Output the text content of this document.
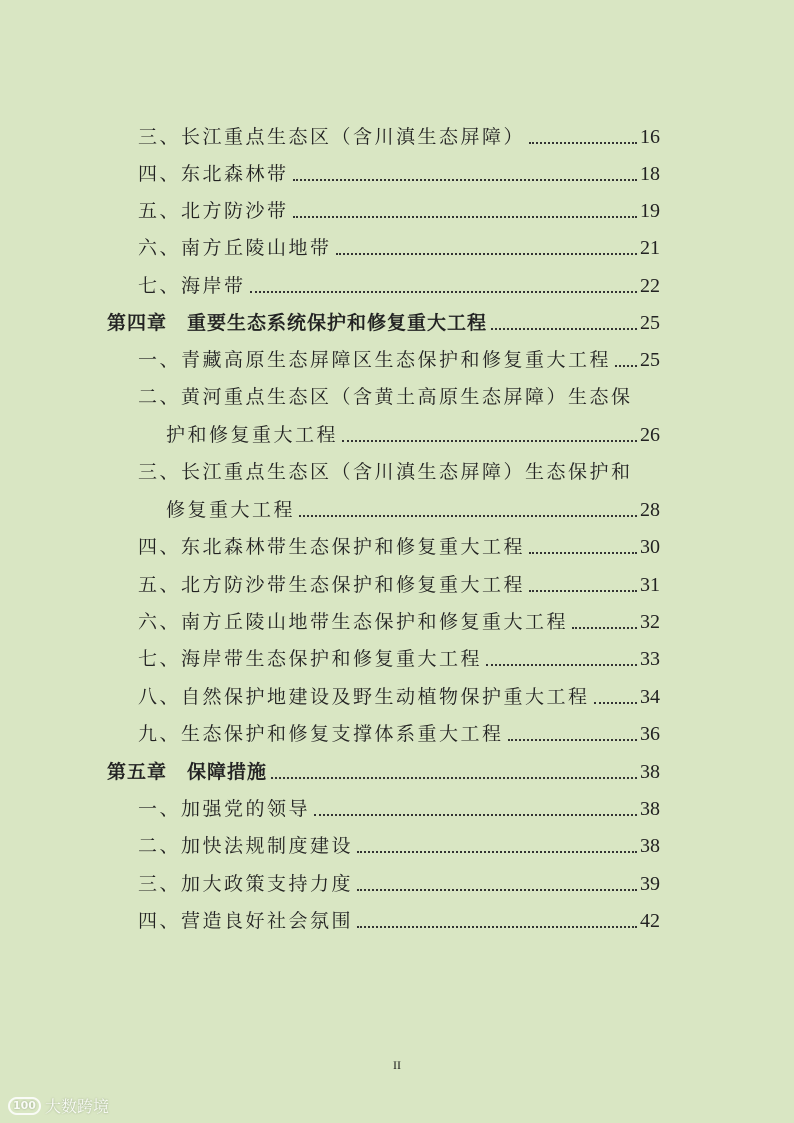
三、长江重点生态区（含川滇生态屏障）	16
四、东北森林带	18
五、北方防沙带	19
六、南方丘陵山地带	21
七、海岸带	22
第四章　重要生态系统保护和修复重大工程	25
一、青藏高原生态屏障区生态保护和修复重大工程 25
二、黄河重点生态区（含黄土高原生态屏障）生态保
护和修复重大工程	26
三、长江重点生态区（含川滇生态屏障）生态保护和
修复重大工程	28
四、东北森林带生态保护和修复重大工程	30
五、北方防沙带生态保护和修复重大工程	31
六、南方丘陵山地带生态保护和修复重大工程	32
七、海岸带生态保护和修复重大工程	33
八、自然保护地建设及野生动植物保护重大工程	34
九、生态保护和修复支撑体系重大工程	36
第五章　保障措施	38
一、加强党的领导	38
二、加快法规制度建设	38
三、加大政策支持力度	39
四、营造良好社会氛围	42
II
100 大数跨境
